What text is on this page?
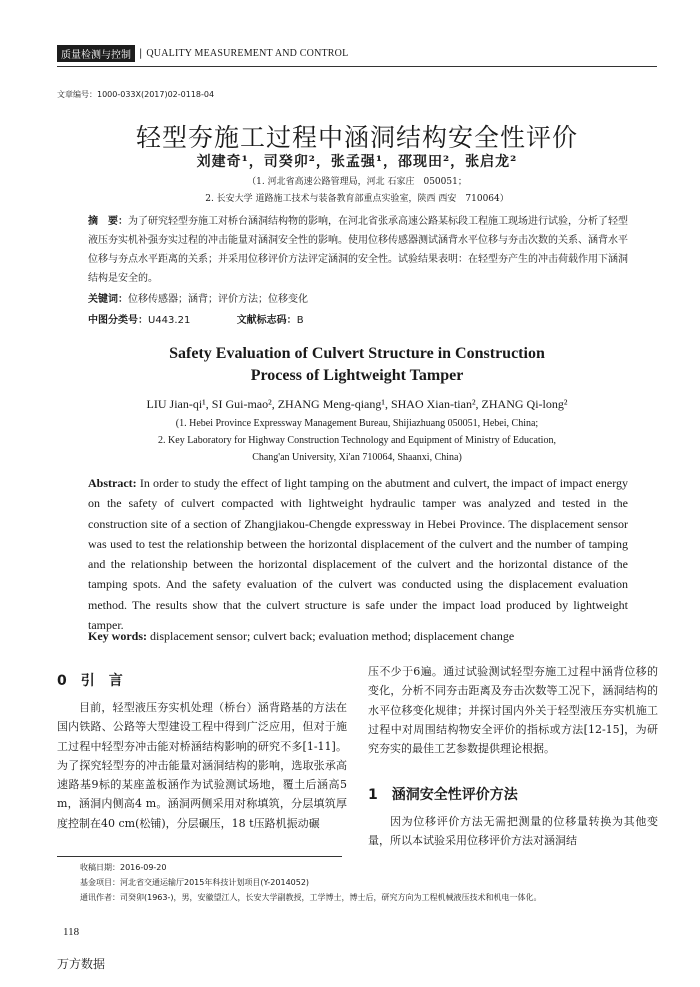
质量检测与控制 | QUALITY MEASUREMENT AND CONTROL
文章编号：1000-033X(2017)02-0118-04
轻型夯施工过程中涵洞结构安全性评价
刘建奇¹，司癸卯²，张孟强¹，邵现田²，张启龙²
（1. 河北省高速公路管理局，河北 石家庄　050051；
2. 长安大学 道路施工技术与装备教育部重点实验室，陕西 西安　710064）
摘　要：为了研究轻型夯施工对桥台涵洞结构物的影响，在河北省张承高速公路某标段工程施工现场进行试验，分析了轻型液压夯实机补强夯实过程的冲击能量对涵洞安全性的影响。使用位移传感器测试涵背水平位移与夯击次数的关系、涵背水平位移与夯点水平距离的关系；并采用位移评价方法评定涵洞的安全性。试验结果表明：在轻型夯产生的冲击荷载作用下涵洞结构是安全的。
关键词：位移传感器；涵背；评价方法；位移变化
中图分类号：U443.21	文献标志码：B
Safety Evaluation of Culvert Structure in Construction
Process of Lightweight Tamper
LIU Jian-qi¹, SI Gui-mao², ZHANG Meng-qiang¹, SHAO Xian-tian², ZHANG Qi-long²
(1. Hebei Province Expressway Management Bureau, Shijiazhuang 050051, Hebei, China;
2. Key Laboratory for Highway Construction Technology and Equipment of Ministry of Education,
Chang'an University, Xi'an 710064, Shaanxi, China)
Abstract: In order to study the effect of light tamping on the abutment and culvert, the impact of impact energy on the safety of culvert compacted with lightweight hydraulic tamper was analyzed and tested in the construction site of a section of Zhangjiakou-Chengde expressway in Hebei Province. The displacement sensor was used to test the relationship between the horizontal displacement of the culvert and the number of tamping and the relationship between the horizontal displacement of the culvert and the horizontal distance of the tamping spots. And the safety evaluation of the culvert was conducted using the displacement evaluation method. The results show that the culvert structure is safe under the impact load produced by lightweight tamper.
Key words: displacement sensor; culvert back; evaluation method; displacement change
0　引　言
目前，轻型液压夯实机处理（桥台）涵背路基的方法在国内铁路、公路等大型建设工程中得到广泛应用，但对于施工过程中轻型夯冲击能对桥涵结构影响的研究不多[1-11]。为了探究轻型夯的冲击能量对涵洞结构的影响，选取张承高速路基9标的某座盖板涵作为试验测试场地，覆土后涵高5 m，涵洞内侧高4 m。涵洞两侧采用对称填筑，分层填筑厚度控制在40 cm(松铺)，分层碾压，18 t压路机振动碾
压不少于6遍。通过试验测试轻型夯施工过程中涵背位移的变化，分析不同夯击距离及夯击次数等工况下，涵洞结构的水平位移变化规律；并探讨国内外关于轻型液压夯实机施工过程中对周围结构物安全评价的指标或方法[12-15]，为研究夯实的最佳工艺参数提供理论根据。
1　涵洞安全性评价方法
因为位移评价方法无需把测量的位移量转换为其他变量，所以本试验采用位移评价方法对涵洞结
收稿日期：2016-09-20
基金项目：河北省交通运输厅2015年科技计划项目(Y-2014052)
通讯作者：司癸卯(1963-)，男，安徽望江人，长安大学副教授，工学博士，博士后，研究方向为工程机械液压技术和机电一体化。
118
万方数据
